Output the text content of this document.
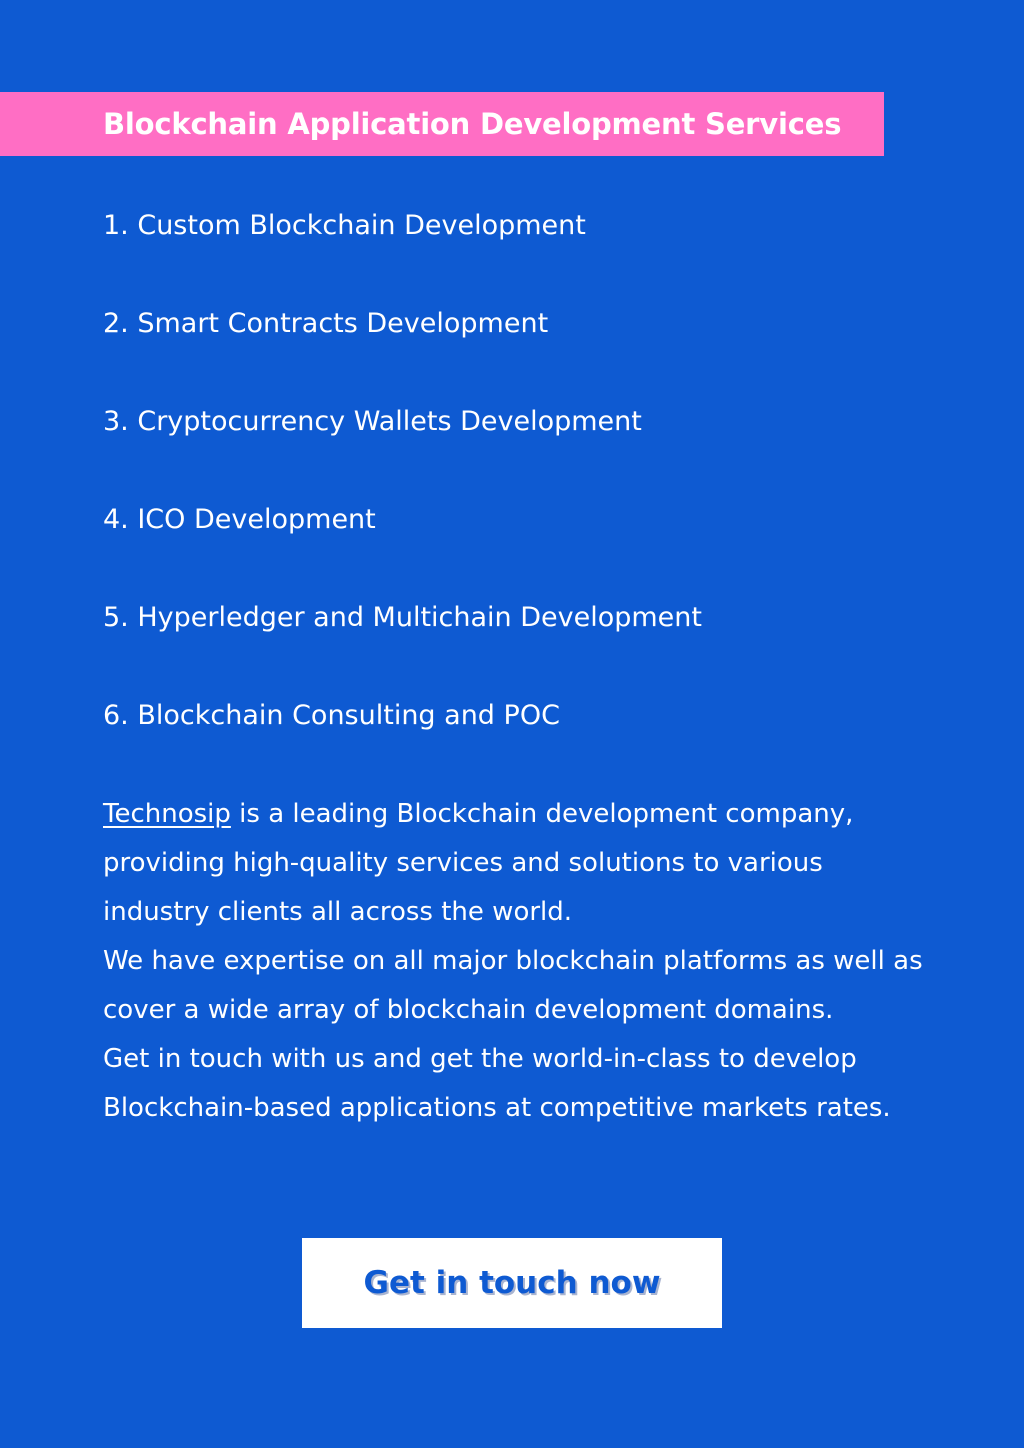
Blockchain Application Development Services
1. Custom Blockchain Development
2. Smart Contracts Development
3. Cryptocurrency Wallets Development
4. ICO Development
5. Hyperledger and Multichain Development
6. Blockchain Consulting and POC

Technosip is a leading Blockchain development company, providing high-quality services and solutions to various industry clients all across the world.

We have expertise on all major blockchain platforms as well as cover a wide array of blockchain development domains.

Get in touch with us and get the world-in-class to develop Blockchain-based applications at competitive markets rates.

Get in touch now
